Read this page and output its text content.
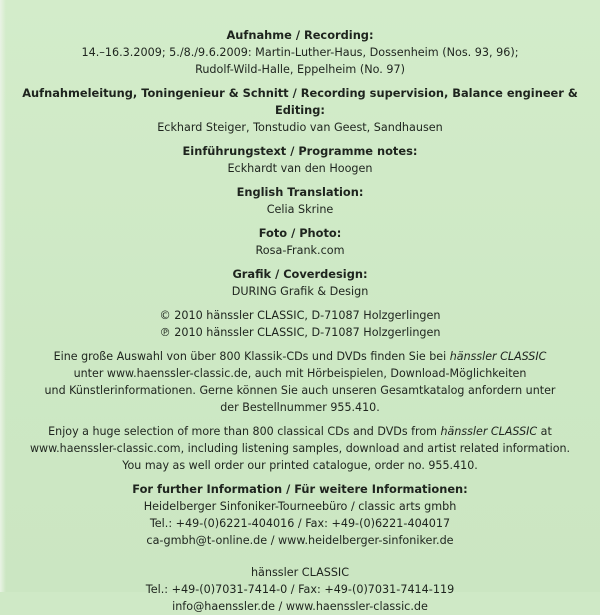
Aufnahme / Recording:
14.–16.3.2009; 5./8./9.6.2009: Martin-Luther-Haus, Dossenheim (Nos. 93, 96);
Rudolf-Wild-Halle, Eppelheim (No. 97)
Aufnahmeleitung, Toningenieur & Schnitt / Recording supervision, Balance engineer & Editing:
Eckhard Steiger, Tonstudio van Geest, Sandhausen
Einführungstext / Programme notes:
Eckhardt van den Hoogen
English Translation:
Celia Skrine
Foto / Photo:
Rosa-Frank.com
Grafik / Coverdesign:
DURING Grafik & Design
© 2010 hänssler CLASSIC, D-71087 Holzgerlingen
℗ 2010 hänssler CLASSIC, D-71087 Holzgerlingen

Eine große Auswahl von über 800 Klassik-CDs und DVDs finden Sie bei hänssler CLASSIC

unter www.haenssler-classic.de, auch mit Hörbeispielen, Download-Möglichkeiten

und Künstlerinformationen. Gerne können Sie auch unseren Gesamtkatalog anfordern unter

der Bestellnummer 955.410.

Enjoy a huge selection of more than 800 classical CDs and DVDs from hänssler CLASSIC at

www.haenssler-classic.com, including listening samples, download and artist related information.

You may as well order our printed catalogue, order no. 955.410.

For further Information / Für weitere Informationen:
Heidelberger Sinfoniker-Tourneebüro / classic arts gmbh
Tel.: +49-(0)6221-404016 / Fax: +49-(0)6221-404017
ca-gmbh@t-online.de / www.heidelberger-sinfoniker.de
hänssler CLASSIC
Tel.: +49-(0)7031-7414-0 / Fax: +49-(0)7031-7414-119
info@haenssler.de / www.haenssler-classic.de
